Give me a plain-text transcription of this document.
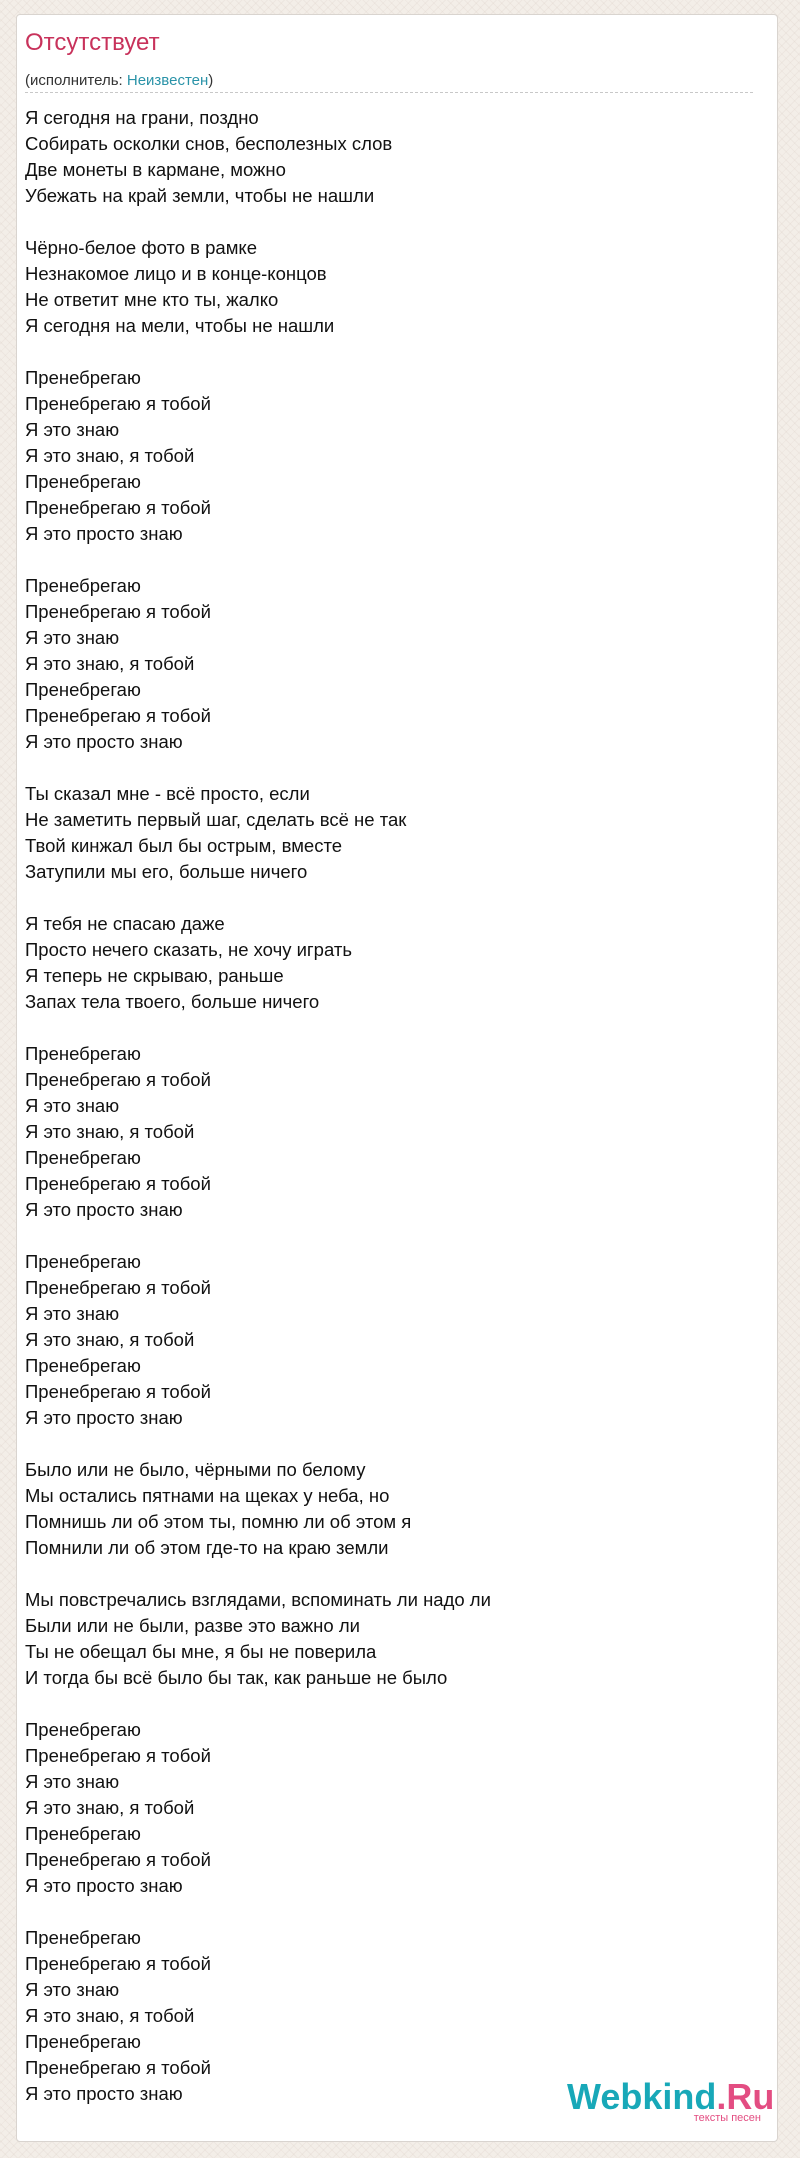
Отсутствует
(исполнитель: Неизвестен)
Я сегодня на грани, поздно
Собирать осколки снов, бесполезных слов
Две монеты в кармане, можно
Убежать на край земли, чтобы не нашли
Чёрно-белое фото в рамке
Незнакомое лицо и в конце-концов
Не ответит мне кто ты, жалко
Я сегодня на мели, чтобы не нашли
Пренебрегаю
Пренебрегаю я тобой
Я это знаю
Я это знаю, я тобой
Пренебрегаю
Пренебрегаю я тобой
Я это просто знаю
Пренебрегаю
Пренебрегаю я тобой
Я это знаю
Я это знаю, я тобой
Пренебрегаю
Пренебрегаю я тобой
Я это просто знаю
Ты сказал мне - всё просто, если
Не заметить первый шаг, сделать всё не так
Твой кинжал был бы острым, вместе
Затупили мы его, больше ничего
Я тебя не спасаю даже
Просто нечего сказать, не хочу играть
Я теперь не скрываю, раньше
Запах тела твоего, больше ничего
Пренебрегаю
Пренебрегаю я тобой
Я это знаю
Я это знаю, я тобой
Пренебрегаю
Пренебрегаю я тобой
Я это просто знаю
Пренебрегаю
Пренебрегаю я тобой
Я это знаю
Я это знаю, я тобой
Пренебрегаю
Пренебрегаю я тобой
Я это просто знаю
Было или не было, чёрными по белому
Мы остались пятнами на щеках у неба, но
Помнишь ли об этом ты, помню ли об этом я
Помнили ли об этом где-то на краю земли
Мы повстречались взглядами, вспоминать ли надо ли
Были или не были, разве это важно ли
Ты не обещал бы мне, я бы не поверила
И тогда бы всё было бы так, как раньше не было
Пренебрегаю
Пренебрегаю я тобой
Я это знаю
Я это знаю, я тобой
Пренебрегаю
Пренебрегаю я тобой
Я это просто знаю
Пренебрегаю
Пренебрегаю я тобой
Я это знаю
Я это знаю, я тобой
Пренебрегаю
Пренебрегаю я тобой
Я это просто знаю	Webkind.Ru
тексты песен
